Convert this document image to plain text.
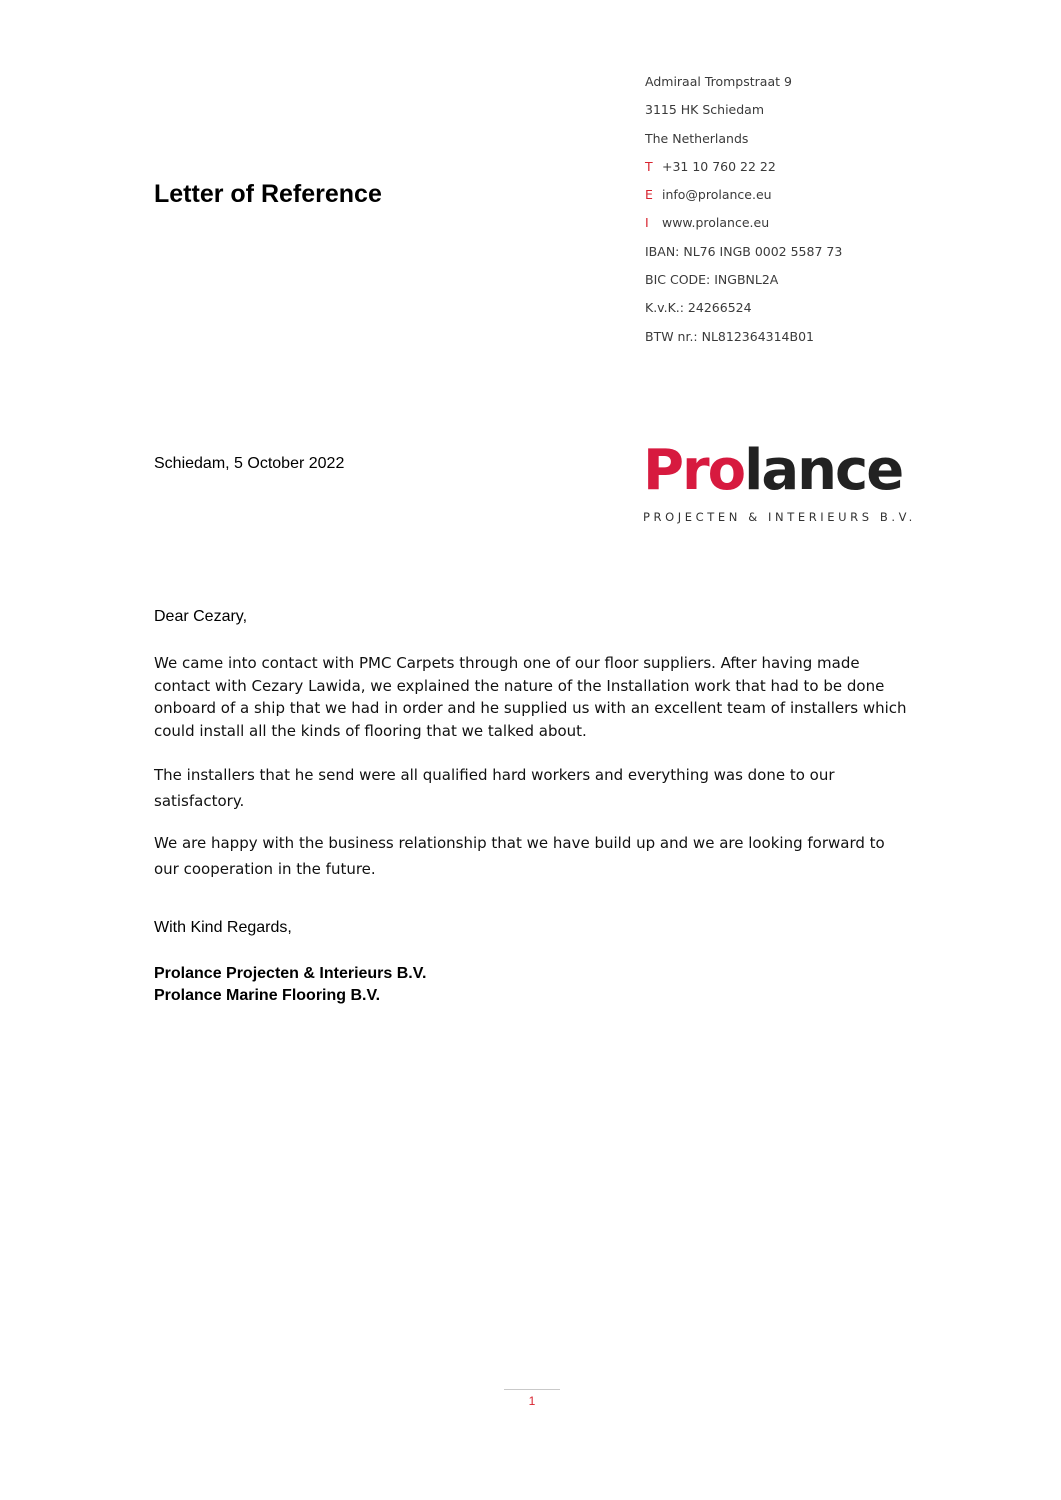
Letter of Reference
Admiraal Trompstraat 9
3115 HK Schiedam
The Netherlands
T +31 10 760 22 22
E info@prolance.eu
I www.prolance.eu
IBAN: NL76 INGB 0002 5587 73
BIC CODE: INGBNL2A
K.v.K.: 24266524
BTW nr.: NL812364314B01
Schiedam, 5 October 2022	Prolance
PROJECTEN & INTERIEURS B.V.
Dear Cezary,

We came into contact with PMC Carpets through one of our floor suppliers. After having made contact with Cezary Lawida, we explained the nature of the Installation work that had to be done onboard of a ship that we had in order and he supplied us with an excellent team of installers which could install all the kinds of flooring that we talked about.

The installers that he send were all qualified hard workers and everything was done to our satisfactory.

We are happy with the business relationship that we have build up and we are looking forward to our cooperation in the future.

With Kind Regards,
Prolance Projecten & Interieurs B.V.
Prolance Marine Flooring B.V.
1
